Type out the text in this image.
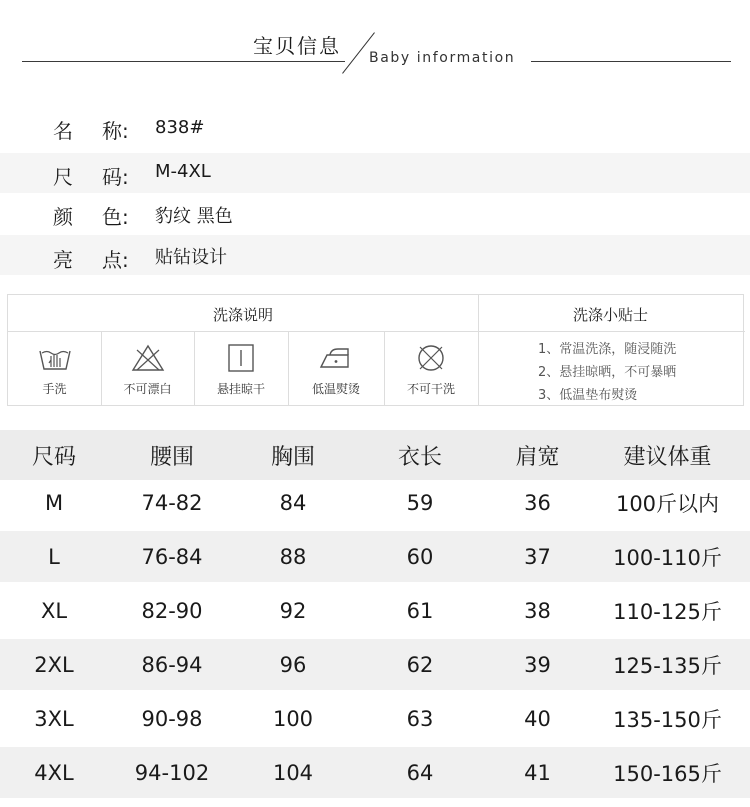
宝贝信息 Baby information
名 称: 838#
尺 码: M-4XL
颜 色: 豹纹 黑色
亮 点: 贴钻设计
洗涤说明	洗涤小贴士
手洗	不可漂白	悬挂晾干	低温熨烫	不可干洗
1、常温洗涤，随浸随洗
2、悬挂晾晒，不可暴晒
3、低温垫布熨烫
尺码	腰围	胸围	衣长	肩宽	建议体重
M	74-82	84	59	36	100斤以内
L	76-84	88	60	37	100-110斤
XL	82-90	92	61	38	110-125斤
2XL	86-94	96	62	39	125-135斤
3XL	90-98	100	63	40	135-150斤
4XL	94-102	104	64	41	150-165斤
